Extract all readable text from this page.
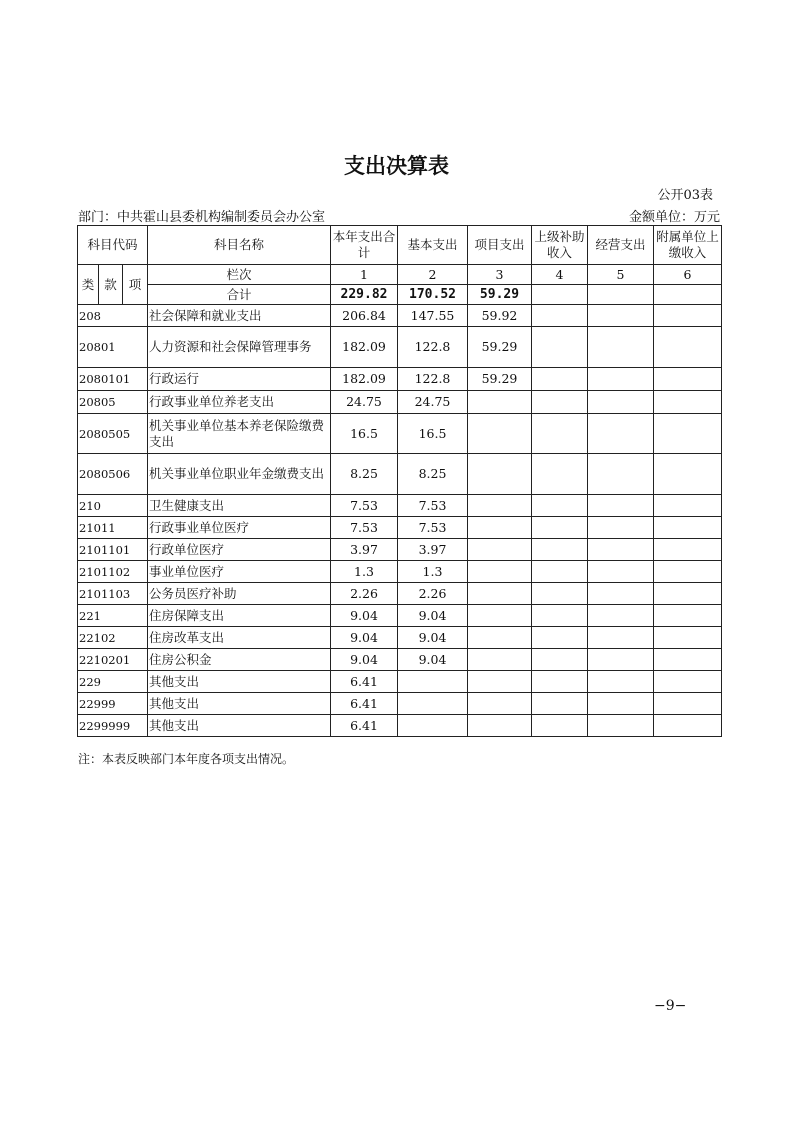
支出决算表
公开03表
部门：中共霍山县委机构编制委员会办公室	金额单位：万元
科目代码			科目名称	本年支出合计	基本支出	项目支出	上级补助收入	经营支出	附属单位上缴收入
类	款	项	栏次	1	2	3	4	5	6
			合计	229.82	170.52	59.29			
208			社会保障和就业支出	206.84	147.55	59.92			
20801			人力资源和社会保障管理事务	182.09	122.8	59.29			
2080101			行政运行	182.09	122.8	59.29			
20805			行政事业单位养老支出	24.75	24.75				
2080505			机关事业单位基本养老保险缴费支出	16.5	16.5				
2080506			机关事业单位职业年金缴费支出	8.25	8.25				
210			卫生健康支出	7.53	7.53				
21011			行政事业单位医疗	7.53	7.53				
2101101			行政单位医疗	3.97	3.97				
2101102			事业单位医疗	1.3	1.3				
2101103			公务员医疗补助	2.26	2.26				
221			住房保障支出	9.04	9.04				
22102			住房改革支出	9.04	9.04				
2210201			住房公积金	9.04	9.04				
229			其他支出	6.41					
22999			其他支出	6.41					
2299999			其他支出	6.41					
注：本表反映部门本年度各项支出情况。
−9−
